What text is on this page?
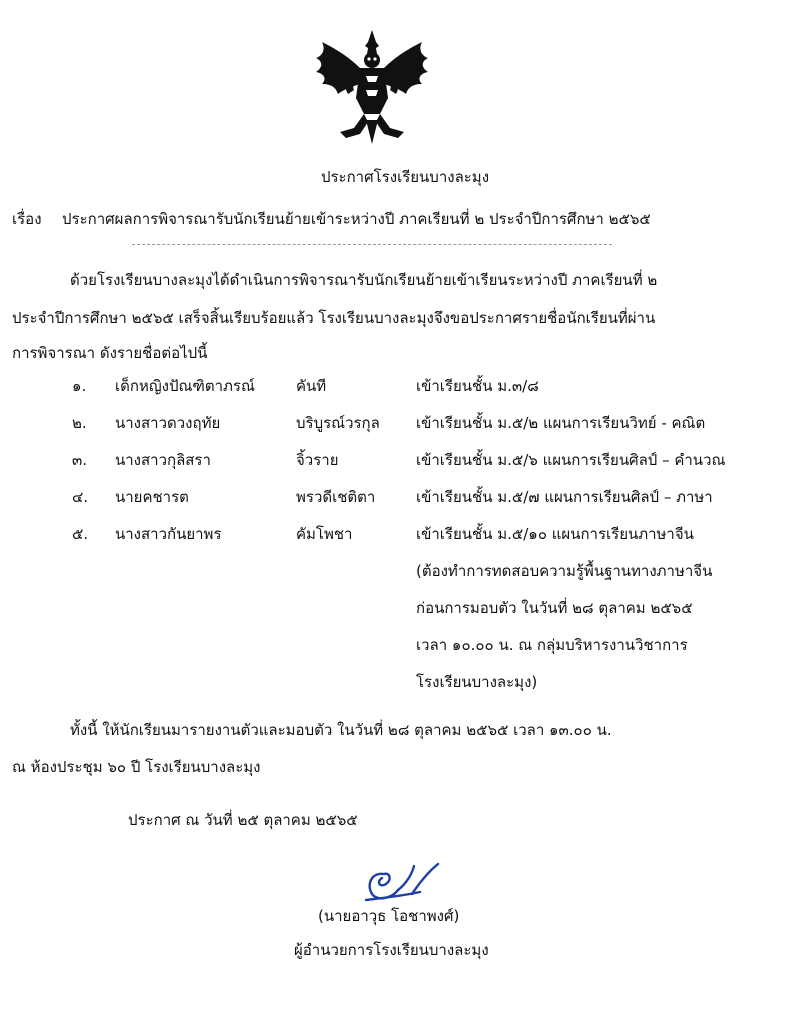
ประกาศโรงเรียนบางละมุง
เรื่อง ประกาศผลการพิจารณารับนักเรียนย้ายเข้าระหว่างปี ภาคเรียนที่ ๒ ประจำปีการศึกษา ๒๕๖๕
ด้วยโรงเรียนบางละมุงได้ดำเนินการพิจารณารับนักเรียนย้ายเข้าเรียนระหว่างปี ภาคเรียนที่ ๒
ประจำปีการศึกษา ๒๕๖๕ เสร็จสิ้นเรียบร้อยแล้ว โรงเรียนบางละมุงจึงขอประกาศรายชื่อนักเรียนที่ผ่าน
การพิจารณา ดังรายชื่อต่อไปนี้
๑. เด็กหญิงปัณฑิตาภรณ์	คันที	เข้าเรียนชั้น ม.๓/๘
๒. นางสาวดวงฤทัย	บริบูรณ์วรกุล เข้าเรียนชั้น ม.๕/๒ แผนการเรียนวิทย์ - คณิต
๓. นางสาวกุลิสรา	จิ้วราย	เข้าเรียนชั้น ม.๕/๖ แผนการเรียนศิลป์ – คำนวณ
๔. นายคชารต	พรวดีเชติตา	เข้าเรียนชั้น ม.๕/๗ แผนการเรียนศิลป์ – ภาษา
๕. นางสาวกันยาพร	คัมโพชา	เข้าเรียนชั้น ม.๕/๑๐ แผนการเรียนภาษาจีน
(ต้องทำการทดสอบความรู้พื้นฐานทางภาษาจีน
ก่อนการมอบตัว ในวันที่ ๒๘ ตุลาคม ๒๕๖๕
เวลา ๑๐.๐๐ น. ณ กลุ่มบริหารงานวิชาการ
โรงเรียนบางละมุง)
ทั้งนี้ ให้นักเรียนมารายงานตัวและมอบตัว ในวันที่ ๒๘ ตุลาคม ๒๕๖๕ เวลา ๑๓.๐๐ น.
ณ ห้องประชุม ๖๐ ปี โรงเรียนบางละมุง
ประกาศ ณ วันที่ ๒๕ ตุลาคม ๒๕๖๕
(นายอาวุธ โอชาพงศ์)
ผู้อำนวยการโรงเรียนบางละมุง
